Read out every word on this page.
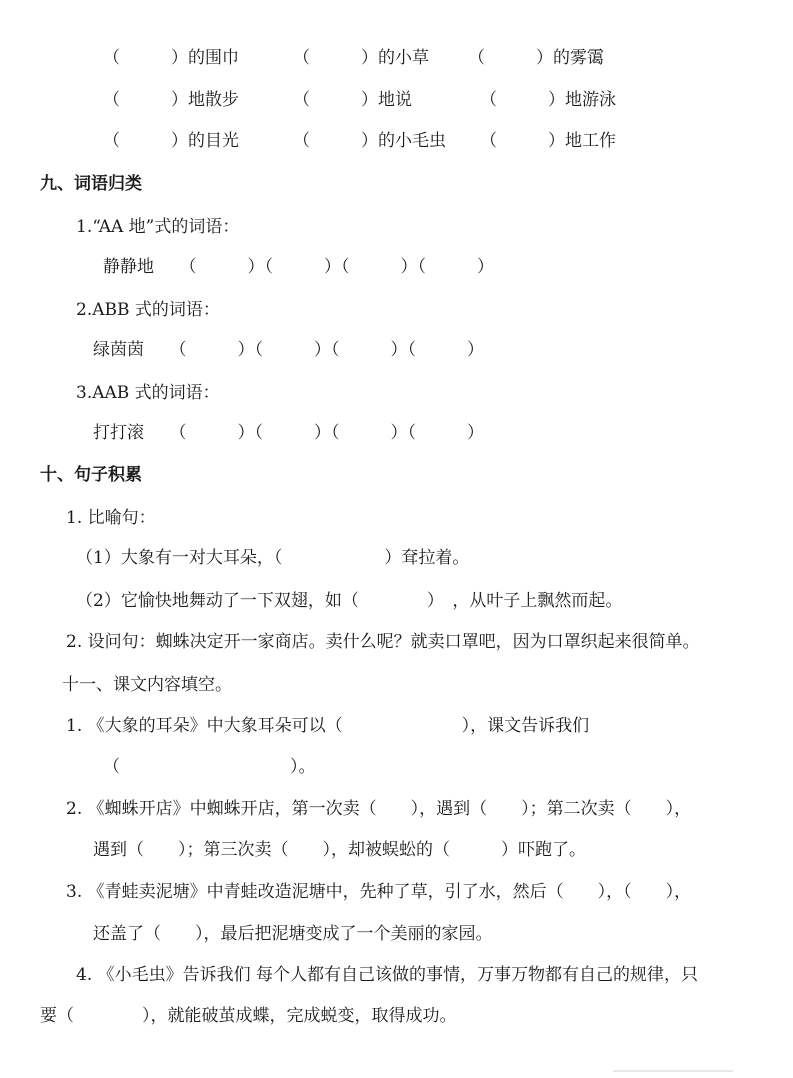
（　　　）的围巾	（　　　）的小草 （　　　）的雾霭
（　　　）地散步	（　　　）地说	（　　　）地游泳
（　　　）的目光	（　　　）的小毛虫 （　　　）地工作
九、词语归类
1.“AA 地”式的词语：
静静地　　（　　　）（　　　）（　　　）（　　　）
2.ABB 式的词语：
绿茵茵　　（　　　）（　　　）（　　　）（　　　）
3.AAB 式的词语：
打打滚　　（　　　）（　　　）（　　　）（　　　）
十、句子积累
1. 比喻句：
（1）大象有一对大耳朵，（　　　　　　）耷拉着。
（2）它愉快地舞动了一下双翅，如（　　　　）　，从叶子上飘然而起。
2. 设问句：蜘蛛决定开一家商店。卖什么呢？就卖口罩吧，因为口罩织起来很简单。
十一、课文内容填空。
1. 《大象的耳朵》中大象耳朵可以（　　　　　　　），课文告诉我们
（　　　　　　　　　　）。
2. 《蜘蛛开店》中蜘蛛开店，第一次卖（　　），遇到（　　）；第二次卖（　　），
遇到（　　）；第三次卖（　　），却被蜈蚣的（　　　）吓跑了。
3. 《青蛙卖泥塘》中青蛙改造泥塘中，先种了草，引了水，然后（　　），（　　），
还盖了（　　），最后把泥塘变成了一个美丽的家园。
4. 《小毛虫》告诉我们 每个人都有自己该做的事情，万事万物都有自己的规律，只
要（　　　　），就能破茧成蝶，完成蜕变，取得成功。
